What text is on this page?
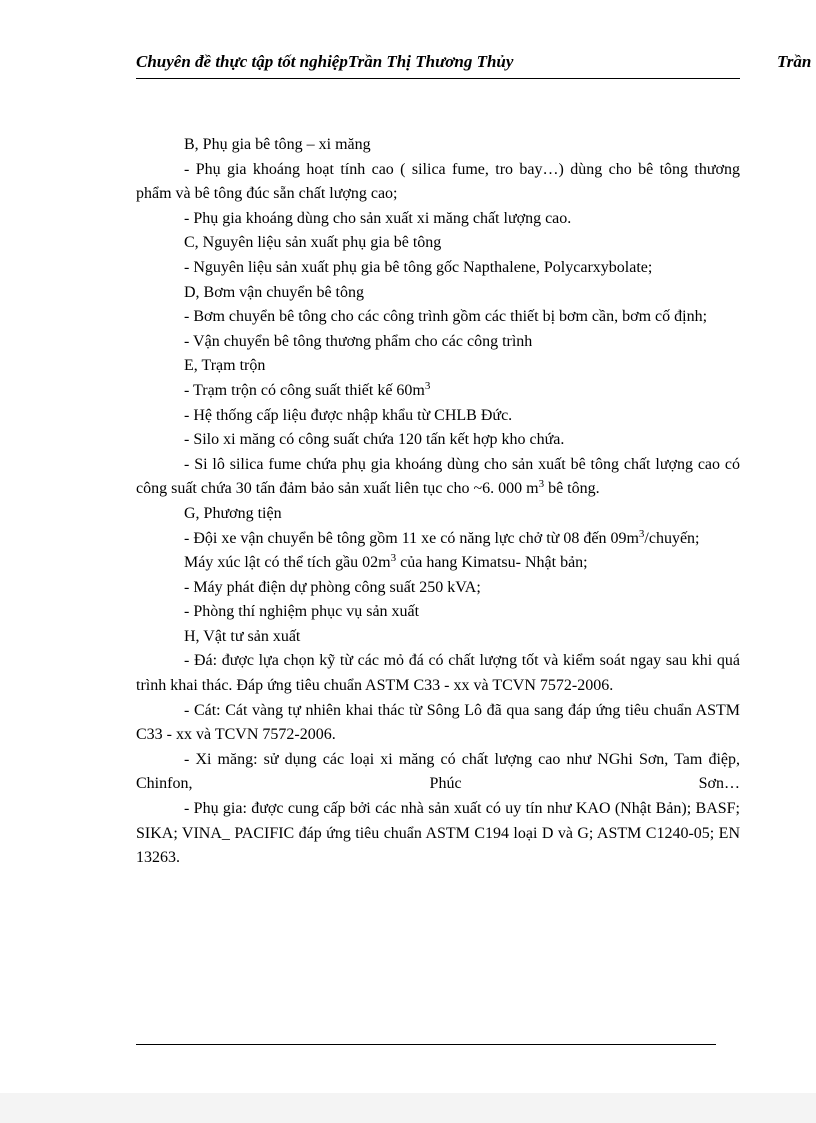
Chuyên đề thực tập tốt nghiệpTrần Thị Thương Thủy	Trần

B, Phụ gia bê tông – xi măng

- Phụ gia khoáng hoạt tính cao ( silica fume, tro bay…) dùng cho bê tông thương phẩm và bê tông đúc sẵn chất lượng cao;

- Phụ gia khoáng dùng cho sản xuất xi măng chất lượng cao.

C, Nguyên liệu sản xuất phụ gia bê tông

- Nguyên liệu sản xuất phụ gia bê tông gốc Napthalene, Polycarxybolate;

D, Bơm vận chuyển bê tông

- Bơm chuyển bê tông cho các công trình gồm các thiết bị bơm cần, bơm cố định;

- Vận chuyển bê tông thương phẩm cho các công trình

E, Trạm trộn

- Trạm trộn có công suất thiết kế $60m^3$

- Hệ thống cấp liệu được nhập khẩu từ CHLB Đức.

- Silo xi măng có công suất chứa 120 tấn kết hợp kho chứa.

- Si lô silica fume chứa phụ gia khoáng dùng cho sản xuất bê tông chất lượng cao có công suất chứa 30 tấn đảm bảo sản xuất liên tục cho ~6. 000 $m^3$ bê tông.

G, Phương tiện

- Đội xe vận chuyển bê tông gồm 11 xe có năng lực chở từ 08 đến $09m^3$/chuyến;

Máy xúc lật có thể tích gầu $02m^3$ của hang Kimatsu- Nhật bản;

- Máy phát điện dự phòng công suất 250 kVA;

- Phòng thí nghiệm phục vụ sản xuất

H, Vật tư sản xuất

- Đá: được lựa chọn kỹ từ các mỏ đá có chất lượng tốt và kiểm soát ngay sau khi quá trình khai thác. Đáp ứng tiêu chuẩn ASTM C33 - xx và TCVN 7572-2006.

- Cát: Cát vàng tự nhiên khai thác từ Sông Lô đã qua sang đáp ứng tiêu chuẩn ASTM C33 - xx và TCVN 7572-2006.

- Xi măng: sử dụng các loại xi măng có chất lượng cao như NGhi Sơn, Tam điệp, Chinfon, Phúc Sơn…

- Phụ gia: được cung cấp bởi các nhà sản xuất có uy tín như KAO (Nhật Bản); BASF; SIKA; VINA_ PACIFIC đáp ứng tiêu chuẩn ASTM C194 loại D và G; ASTM C1240-05; EN 13263.
